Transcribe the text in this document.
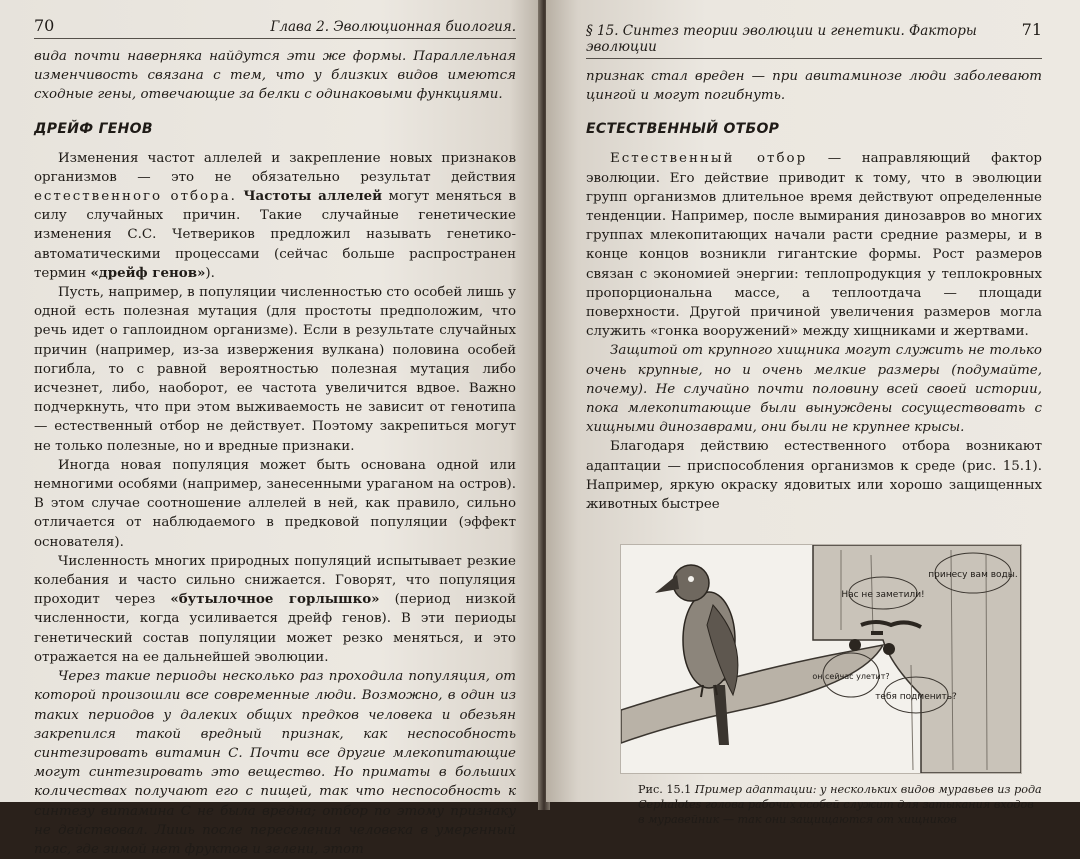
70	Глава 2. Эволюционная биология.

вида почти наверняка найдутся эти же формы. Параллельная изменчивость связана с тем, что у близких видов имеются сходные гены, отвечающие за белки с одинаковыми функциями.

ДРЕЙФ ГЕНОВ

Изменения частот аллелей и закрепление новых признаков организмов — это не обязательно результат действия естественного отбора. Частоты аллелей могут меняться в силу случайных причин. Такие случайные генетические изменения С.С. Четвериков предложил называть генетико-автоматическими процессами (сейчас больше распространен термин «дрейф генов»).

Пусть, например, в популяции численностью сто особей лишь у одной есть полезная мутация (для простоты предположим, что речь идет о гаплоидном организме). Если в результате случайных причин (например, из-за извержения вулкана) половина особей погибла, то с равной вероятностью полезная мутация либо исчезнет, либо, наоборот, ее частота увеличится вдвое. Важно подчеркнуть, что при этом выживаемость не зависит от генотипа — естественный отбор не действует. Поэтому закрепиться могут не только полезные, но и вредные признаки.

Иногда новая популяция может быть основана одной или немногими особями (например, занесенными ураганом на остров). В этом случае соотношение аллелей в ней, как правило, сильно отличается от наблюдаемого в предковой популяции (эффект основателя).

Численность многих природных популяций испытывает резкие колебания и часто сильно снижается. Говорят, что популяция проходит через «бутылочное горлышко» (период низкой численности, когда усиливается дрейф генов). В эти периоды генетический состав популяции может резко меняться, и это отражается на ее дальнейшей эволюции.

Через такие периоды несколько раз проходила популяция, от которой произошли все современные люди. Возможно, в один из таких периодов у далеких общих предков человека и обезьян закрепился такой вредный признак, как неспособность синтезировать витамин С. Почти все другие млекопитающие могут синтезировать это вещество. Но приматы в больших количествах получают его с пищей, так что неспособность к синтезу витамина С не была вредна; отбор по этому признаку не действовал. Лишь после переселения человека в умеренный пояс, где зимой нет фруктов и зелени, этот

§ 15. Синтез теории эволюции и генетики. Факторы эволюции
71

признак стал вреден — при авитаминозе люди заболевают цингой и могут погибнуть.

ЕСТЕСТВЕННЫЙ ОТБОР

Естественный отбор — направляющий фактор эволюции. Его действие приводит к тому, что в эволюции групп организмов длительное время действуют определенные тенденции. Например, после вымирания динозавров во многих группах млекопитающих начали расти средние размеры, и в конце концов возникли гигантские формы. Рост размеров связан с экономией энергии: теплопродукция у теплокровных пропорциональна массе, а теплоотдача — площади поверхности. Другой причиной увеличения размеров могла служить «гонка вооружений» между хищниками и жертвами.

Защитой от крупного хищника могут служить не только очень крупные, но и очень мелкие размеры (подумайте, почему). Не случайно почти половину всей своей истории, пока млекопитающие были вынуждены сосуществовать с хищными динозаврами, они были не крупнее крысы.

Благодаря действию естественного отбора возникают адаптации — приспособления организмов к среде (рис. 15.1). Например, яркую окраску ядовитых или хорошо защищенных животных быстрее

Нас не заметили!
принесу вам воды.
он сейчас улетит?
тебя подменить?
Рис. 15.1 Пример адаптации: у нескольких видов муравьев из рода Cephalotes голова рабочих особей служит для затыкания входов в муравейник — так они защищаются от хищников
